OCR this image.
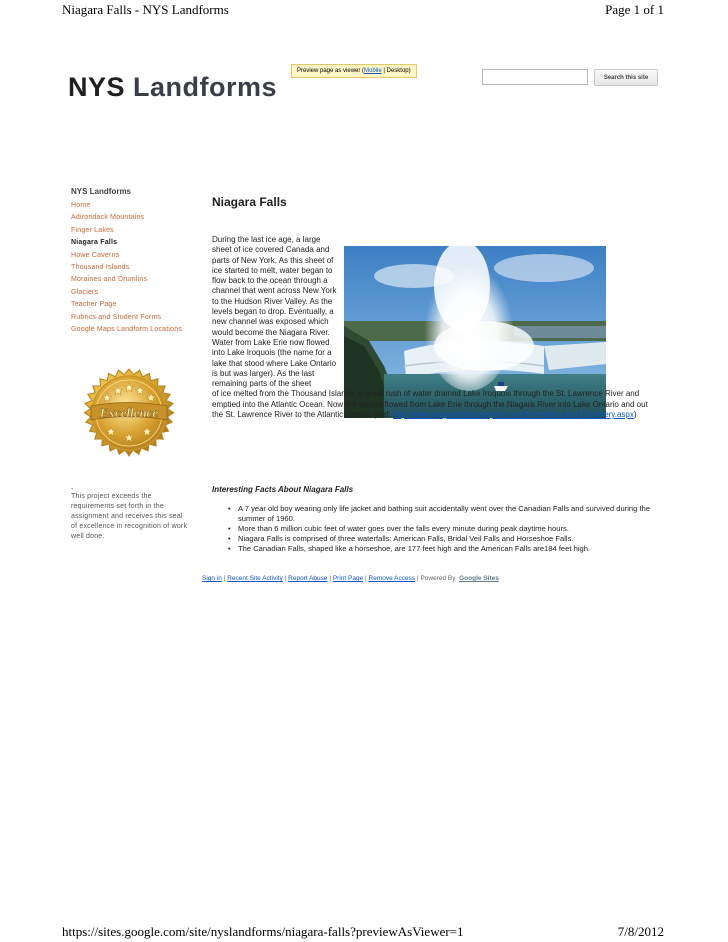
Niagara Falls - NYS Landforms	Page 1 of 1
Preview page as viewer (Mobile | Desktop)
NYS Landforms	Search this site
NYS Landforms
Home
Adirondack Mountains
Finger Lakes
Niagara Falls
Howe Caverns
Thousand Islands
Moraines and Drumlins
Glaciers
Teacher Page
Rubrics and Student Forms
Google Maps Landform Locations
Excellence
-
This project exceeds the requirements set forth in the assignment and receives this seal of excellence in recognition of work well done.
Niagara Falls
During the last ice age, a large sheet of ice covered Canada and parts of New York. As this sheet of ice started to melt, water began to flow back to the ocean through a channel that went across New York to the Hudson River Valley. As the levels began to drop. Eventually, a new channel was exposed which would become the Niagara River. Water from Lake Erie now flowed into Lake Iroquois (the name for a lake that stood where Lake Ontario is but was larger). As the last remaining parts of the sheet
of ice melted from the Thousand Islands, a great rush of water drained Lake Iroquois through the St. Lawrence River and emptied into the Atlantic Ocean. Now the waters flowed from Lake Erie through the Niagara River into Lake Ontario and out the St. Lawrence River to the Atlantic Ocean. (Ref: http://www.niagarafallsstatepark.com/Formation-and-Discovery.aspx)
Interesting Facts About Niagara Falls
• A 7 year old boy wearing only life jacket and bathing suit accidentally went over the Canadian Falls and survived during the summer of 1960.
• More than 6 million cubic feet of water goes over the falls every minute during peak daytime hours.
• Niagara Falls is comprised of three waterfalls: American Falls, Bridal Veil Falls and Horseshoe Falls.
• The Canadian Falls, shaped like a horseshoe, are 177 feet high and the American Falls are184 feet high.
Sign in | Recent Site Activity | Report Abuse | Print Page | Remove Access | Powered By Google Sites
https://sites.google.com/site/nyslandforms/niagara-falls?previewAsViewer=1	7/8/2012
